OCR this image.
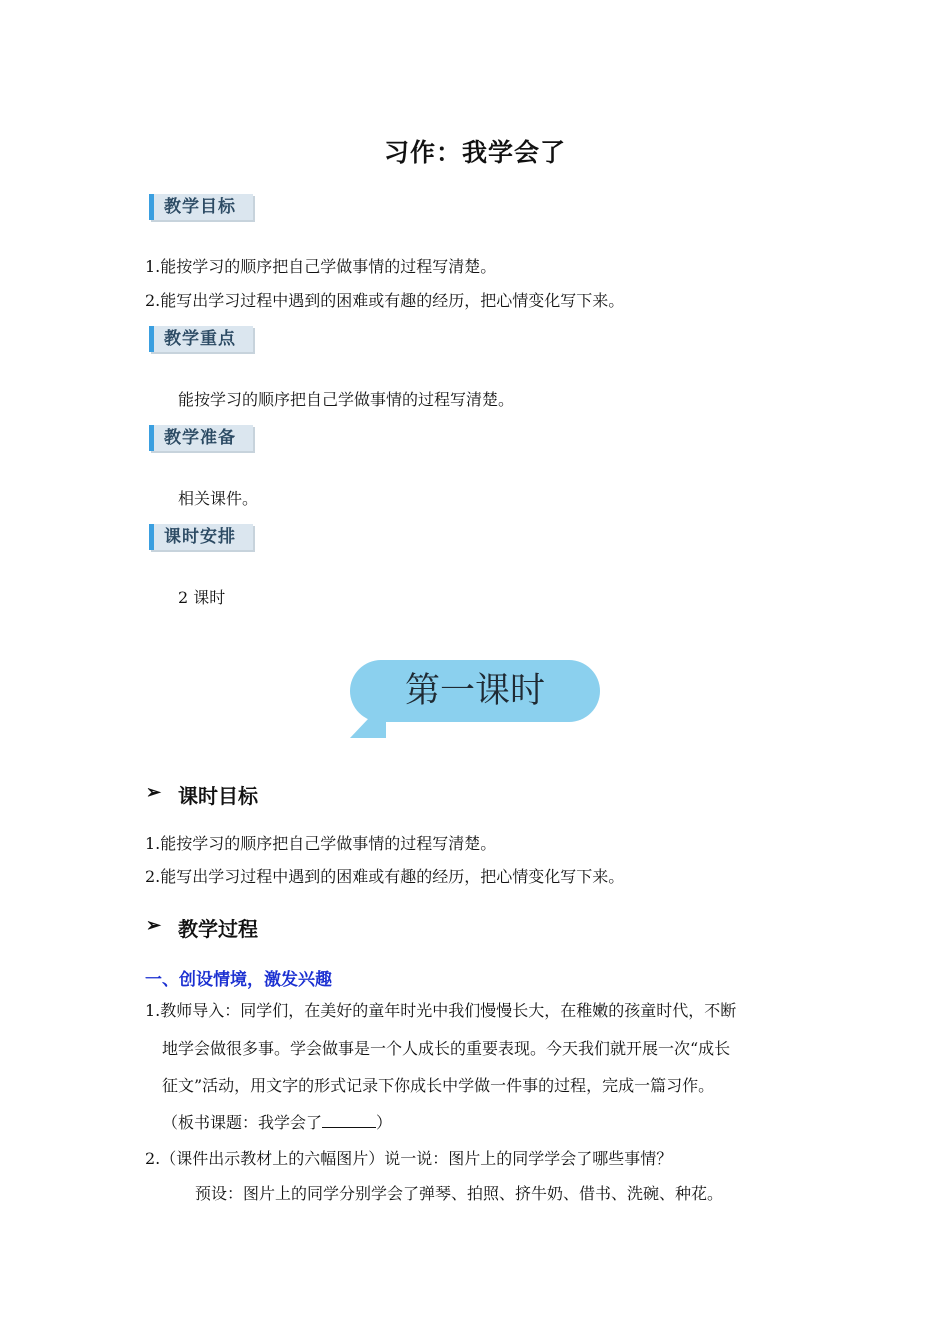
习作：我学会了
教学目标
1.能按学习的顺序把自己学做事情的过程写清楚。
2.能写出学习过程中遇到的困难或有趣的经历，把心情变化写下来。
教学重点
能按学习的顺序把自己学做事情的过程写清楚。
教学准备
相关课件。
课时安排
2 课时
第一课时
➢ 课时目标
1.能按学习的顺序把自己学做事情的过程写清楚。
2.能写出学习过程中遇到的困难或有趣的经历，把心情变化写下来。
➢ 教学过程
一、创设情境，激发兴趣
1.教师导入：同学们，在美好的童年时光中我们慢慢长大，在稚嫩的孩童时代，不断
地学会做很多事。学会做事是一个人成长的重要表现。今天我们就开展一次“成长
征文”活动，用文字的形式记录下你成长中学做一件事的过程，完成一篇习作。
（板书课题：我学会了	）
2.（课件出示教材上的六幅图片）说一说：图片上的同学学会了哪些事情？
预设：图片上的同学分别学会了弹琴、拍照、挤牛奶、借书、洗碗、种花。
